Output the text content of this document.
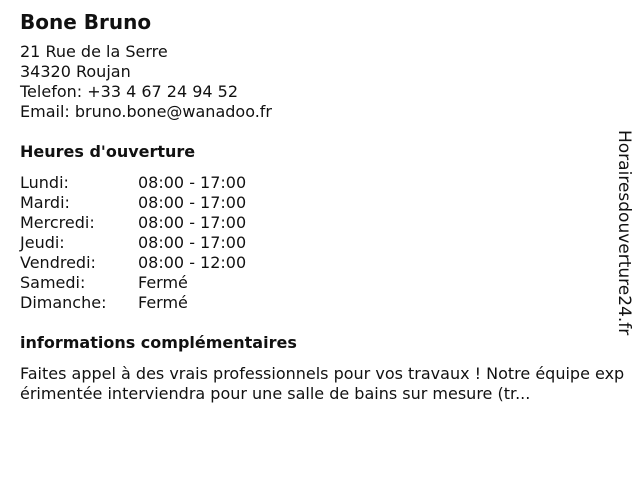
Bone Bruno
21 Rue de la Serre
34320 Roujan
Telefon: +33 4 67 24 94 52
Email: bruno.bone@wanadoo.fr
Heures d'ouverture
Lundi:	08:00 - 17:00
Mardi:	08:00 - 17:00
Mercredi:	08:00 - 17:00
Jeudi:	08:00 - 17:00
Vendredi:	08:00 - 12:00
Samedi:	Fermé
Dimanche:	Fermé
informations complémentaires
Faites appel à des vrais professionnels pour vos travaux ! Notre équipe expérimentée interviendra pour une salle de bains sur mesure (tr...
Horairesdouverture24.fr
